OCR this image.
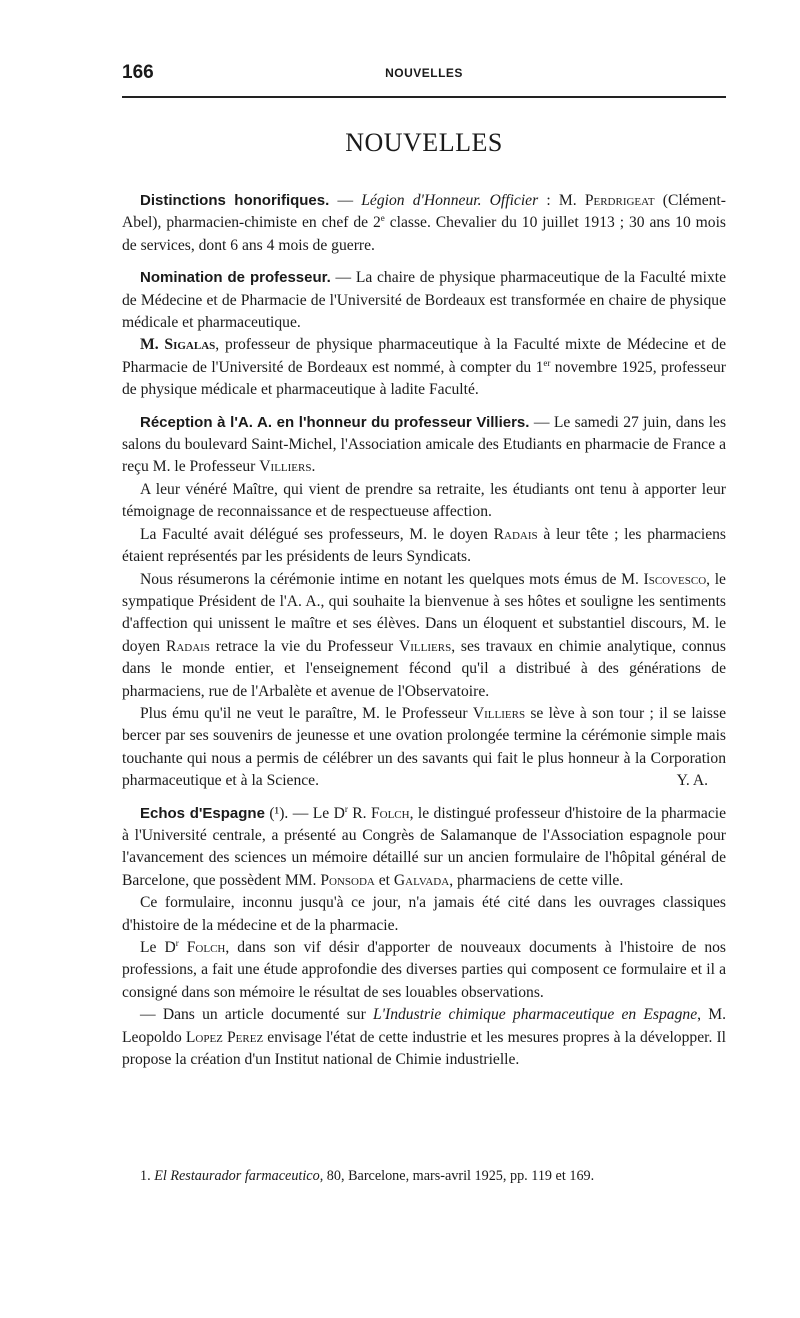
166	NOUVELLES
NOUVELLES

Distinctions honorifiques. — Légion d'Honneur. Officier : M. Perdrigeat (Clément-Abel), pharmacien-chimiste en chef de 2e classe. Chevalier du 10 juillet 1913 ; 30 ans 10 mois de services, dont 6 ans 4 mois de guerre.

Nomination de professeur. — La chaire de physique pharmaceutique de la Faculté mixte de Médecine et de Pharmacie de l'Université de Bordeaux est transformée en chaire de physique médicale et pharmaceutique.

M. Sigalas, professeur de physique pharmaceutique à la Faculté mixte de Médecine et de Pharmacie de l'Université de Bordeaux est nommé, à compter du 1er novembre 1925, professeur de physique médicale et pharmaceutique à ladite Faculté.

Réception à l'A. A. en l'honneur du professeur Villiers. — Le samedi 27 juin, dans les salons du boulevard Saint-Michel, l'Association amicale des Etudiants en pharmacie de France a reçu M. le Professeur Villiers.

A leur vénéré Maître, qui vient de prendre sa retraite, les étudiants ont tenu à apporter leur témoignage de reconnaissance et de respectueuse affection.

La Faculté avait délégué ses professeurs, M. le doyen Radais à leur tête ; les pharmaciens étaient représentés par les présidents de leurs Syndicats.

Nous résumerons la cérémonie intime en notant les quelques mots émus de M. Iscovesco, le sympatique Président de l'A. A., qui souhaite la bienvenue à ses hôtes et souligne les sentiments d'affection qui unissent le maître et ses élèves. Dans un éloquent et substantiel discours, M. le doyen Radais retrace la vie du Professeur Villiers, ses travaux en chimie analytique, connus dans le monde entier, et l'enseignement fécond qu'il a distribué à des générations de pharmaciens, rue de l'Arbalète et avenue de l'Observatoire.

Plus ému qu'il ne veut le paraître, M. le Professeur Villiers se lève à son tour ; il se laisse bercer par ses souvenirs de jeunesse et une ovation prolongée termine la cérémonie simple mais touchante qui nous a permis de célébrer un des savants qui fait le plus honneur à la Corporation pharmaceutique et à la Science.	Y. A.

Echos d'Espagne (¹). — Le $D^r$ R. Folch, le distingué professeur d'histoire de la pharmacie à l'Université centrale, a présenté au Congrès de Salamanque de l'Association espagnole pour l'avancement des sciences un mémoire détaillé sur un ancien formulaire de l'hôpital général de Barcelone, que possèdent MM. Ponsoda et Galvada, pharmaciens de cette ville.

Ce formulaire, inconnu jusqu'à ce jour, n'a jamais été cité dans les ouvrages classiques d'histoire de la médecine et de la pharmacie.

Le $D^r$ Folch, dans son vif désir d'apporter de nouveaux documents à l'histoire de nos professions, a fait une étude approfondie des diverses parties qui composent ce formulaire et il a consigné dans son mémoire le résultat de ses louables observations.

— Dans un article documenté sur L'Industrie chimique pharmaceutique en Espagne, M. Leopoldo Lopez Perez envisage l'état de cette industrie et les mesures propres à la développer. Il propose la création d'un Institut national de Chimie industrielle.

1. El Restaurador farmaceutico, 80, Barcelone, mars-avril 1925, pp. 119 et 169.
